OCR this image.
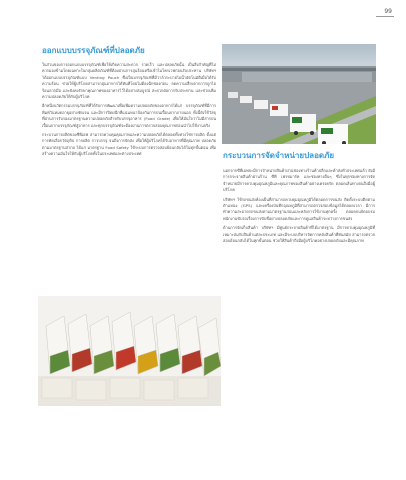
99
ออกแบบบรรจุภัณฑ์ที่ปลอดภัย

ในส่วนของการออกแบบบรรจุภัณฑ์เพื่อให้เกิดความสะดวก รวดเร็ว และปลอดภัยนั้น เป็นสิ่งสำคัญที่ไม่ควรมองข้ามโดยเฉพาะในกลุ่มผลิตภัณฑ์ที่ต้องผ่านการอุ่นร้อนหรือเข้าไมโครเวฟก่อนรับประทาน บริษัทฯ ได้ออกแบบบรรจุภัณฑ์แบบ Venting Pouch ซึ่งเป็นบรรจุภัณฑ์ที่มีวาล์วระบายไอน้ำอัตโนมัติเมื่อได้รับความร้อน ช่วยให้ผู้บริโภคสามารถอุ่นอาหารได้ทันทีโดยไม่ต้องฉีกซองก่อน ลดความเสี่ยงจากการถูกไอร้อนลวกมือ และยังคงรักษาคุณภาพของอาหารไว้ได้อย่างสมบูรณ์ สะดวกต่อการรับประทาน และช่วยเพิ่มความปลอดภัยให้กับผู้บริโภค

อีกหนึ่งนวัตกรรมบรรจุภัณฑ์ที่ได้รับการพัฒนาเพื่อเพิ่มความปลอดภัยของอาหารได้แก่ บรรจุภัณฑ์ที่มีการพิมพ์วันหมดอายุอย่างชัดเจน และมีการปิดผนึกที่แน่นหนาป้องกันการปนเปื้อนจากภายนอก ทั้งนี้ยังใช้วัสดุที่ผ่านการรับรองมาตรฐานความปลอดภัยสำหรับบรรจุอาหาร (Food Grade) เพื่อให้มั่นใจว่าไม่มีสารปนเปื้อนจากบรรจุภัณฑ์สู่อาหาร และทุกบรรจุภัณฑ์จะต้องผ่านการตรวจสอบคุณภาพก่อนนำไปใช้งานจริง

กระบวนการผลิตของซีพีเอฟ สามารถควบคุมคุณภาพและความปลอดภัยได้ตลอดทั้งห่วงโซ่การผลิต ตั้งแต่การคัดเลือกวัตถุดิบ การผลิต การบรรจุ จนถึงการจัดส่ง เพื่อให้ผู้บริโภคได้รับอาหารที่มีคุณภาพ ปลอดภัย ตามมาตรฐานสากล ได้แก่ มาตรฐาน Food Safety ใช้ระบบการตรวจสอบย้อนกลับได้ในทุกขั้นตอน เพื่อสร้างความมั่นใจให้กับผู้บริโภคทั้งในประเทศและต่างประเทศ	กระบวนการจัดจำหน่ายปลอดภัย

นอกจากซีพีเอฟจะมีการจำหน่ายสินค้าผ่านช่องทางร้านค้าปลีกและค้าส่งทั่วประเทศแล้ว ยังมีการกระจายสินค้าผ่านร้าน ซีพี เฟรชมาร์ท และช่องทางอื่นๆ ซึ่งในทุกช่องทางการจัดจำหน่ายมีการควบคุมอุณหภูมิและคุณภาพของสินค้าอย่างเคร่งครัด ตลอดเส้นทางจนถึงมือผู้บริโภค

บริษัทฯ ใช้รถขนส่งห้องเย็นที่สามารถควบคุมอุณหภูมิได้ตลอดการขนส่ง ติดตั้งระบบติดตามตำแหน่ง (GPS) และเครื่องบันทึกอุณหภูมิที่สามารถตรวจสอบข้อมูลได้ตลอดเวลา มีการทำความสะอาดรถขนส่งตามมาตรฐานก่อนและหลังการใช้งานทุกครั้ง ตลอดจนจัดอบรมพนักงานขับรถเรื่องการขับขี่อย่างปลอดภัยและการดูแลสินค้าระหว่างการขนส่ง

ด้านการจัดเก็บสินค้า บริษัทฯ มีศูนย์กระจายสินค้าที่ได้มาตรฐาน มีการควบคุมอุณหภูมิที่เหมาะสมกับสินค้าแต่ละประเภท และมีระบบบริหารจัดการคลังสินค้าที่ทันสมัย สามารถตรวจสอบย้อนกลับได้ในทุกขั้นตอน ช่วยให้สินค้าถึงมือผู้บริโภคอย่างปลอดภัยและมีคุณภาพ
